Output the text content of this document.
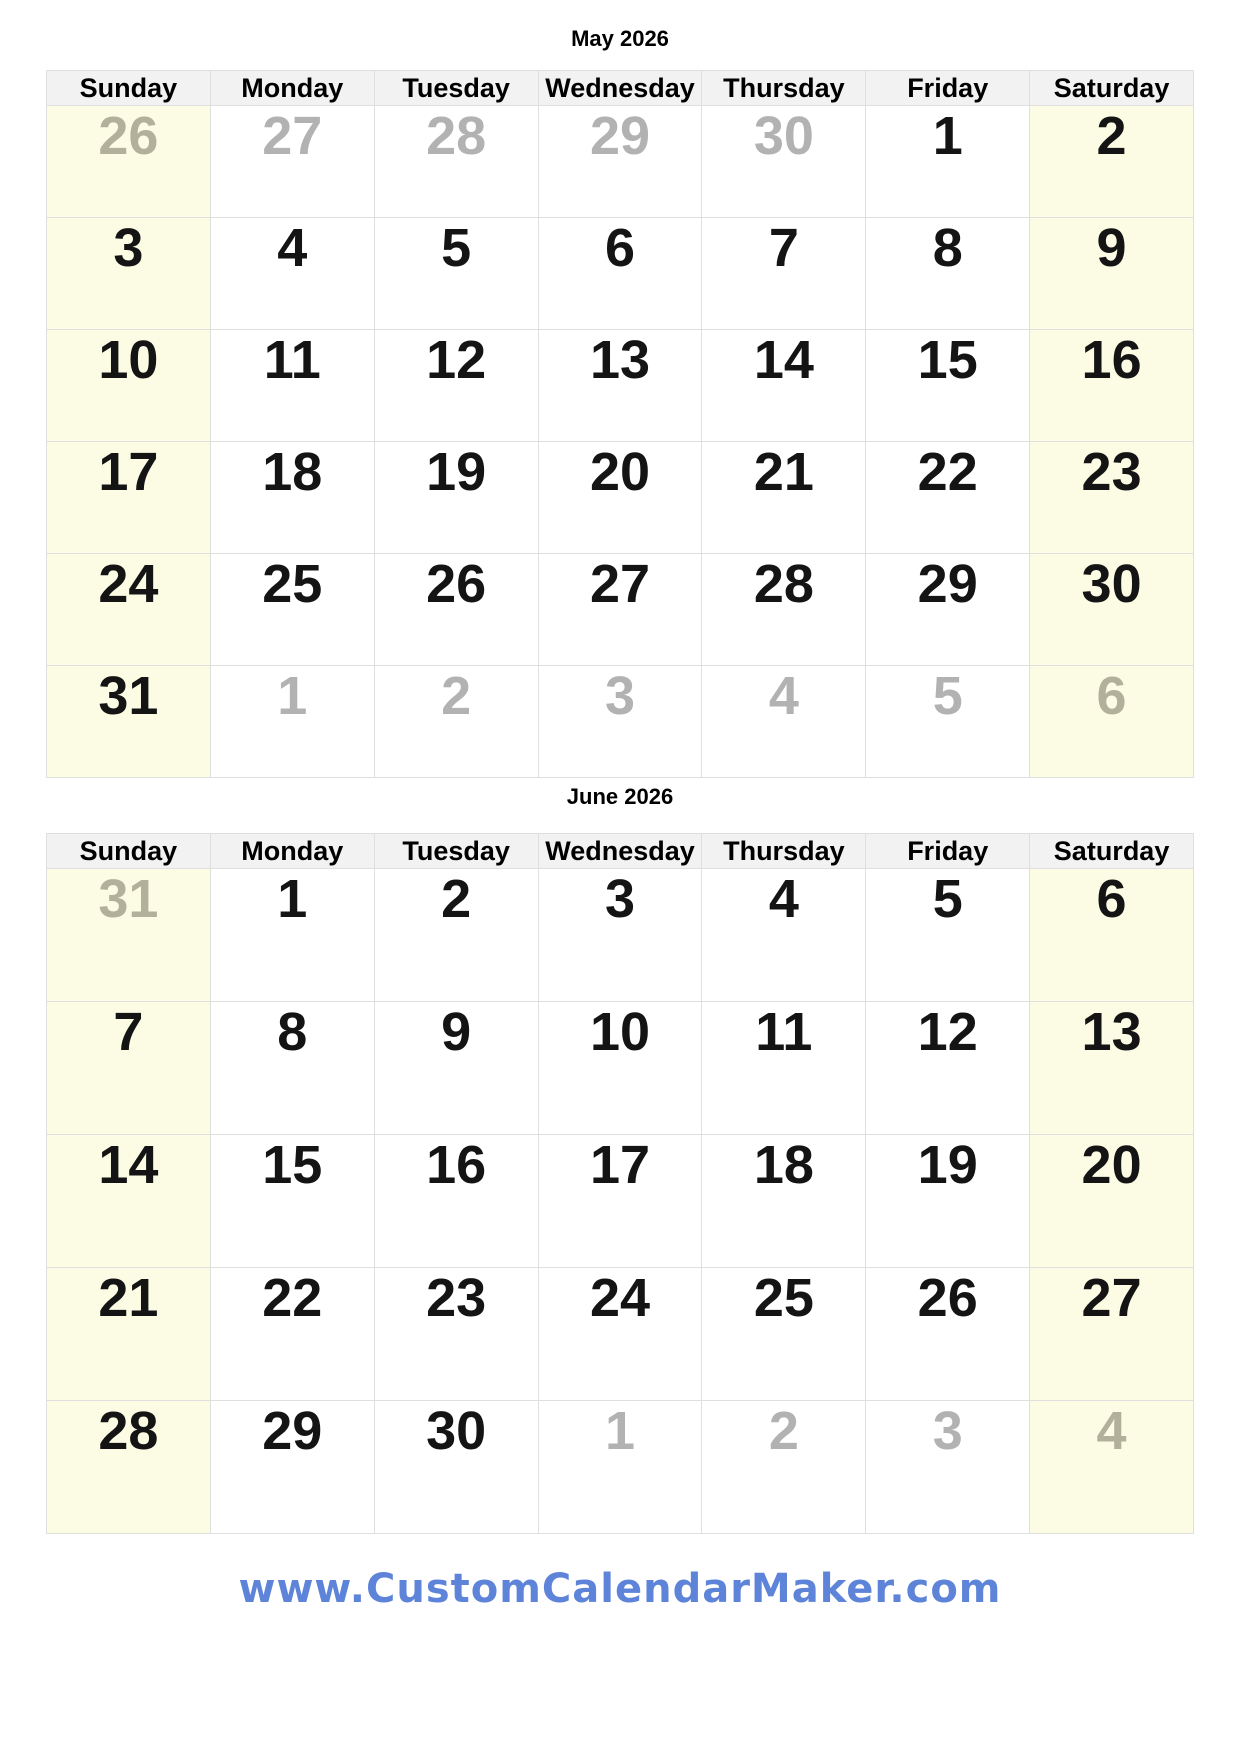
May 2026
Sunday	Monday	Tuesday	Wednesday	Thursday	Friday	Saturday
26	27	28	29	30	1	2
3	4	5	6	7	8	9
10	11	12	13	14	15	16
17	18	19	20	21	22	23
24	25	26	27	28	29	30
31	1	2	3	4	5	6
June 2026
Sunday	Monday	Tuesday	Wednesday	Thursday	Friday	Saturday
31	1	2	3	4	5	6
7	8	9	10	11	12	13
14	15	16	17	18	19	20
21	22	23	24	25	26	27
28	29	30	1	2	3	4
www.CustomCalendarMaker.com
